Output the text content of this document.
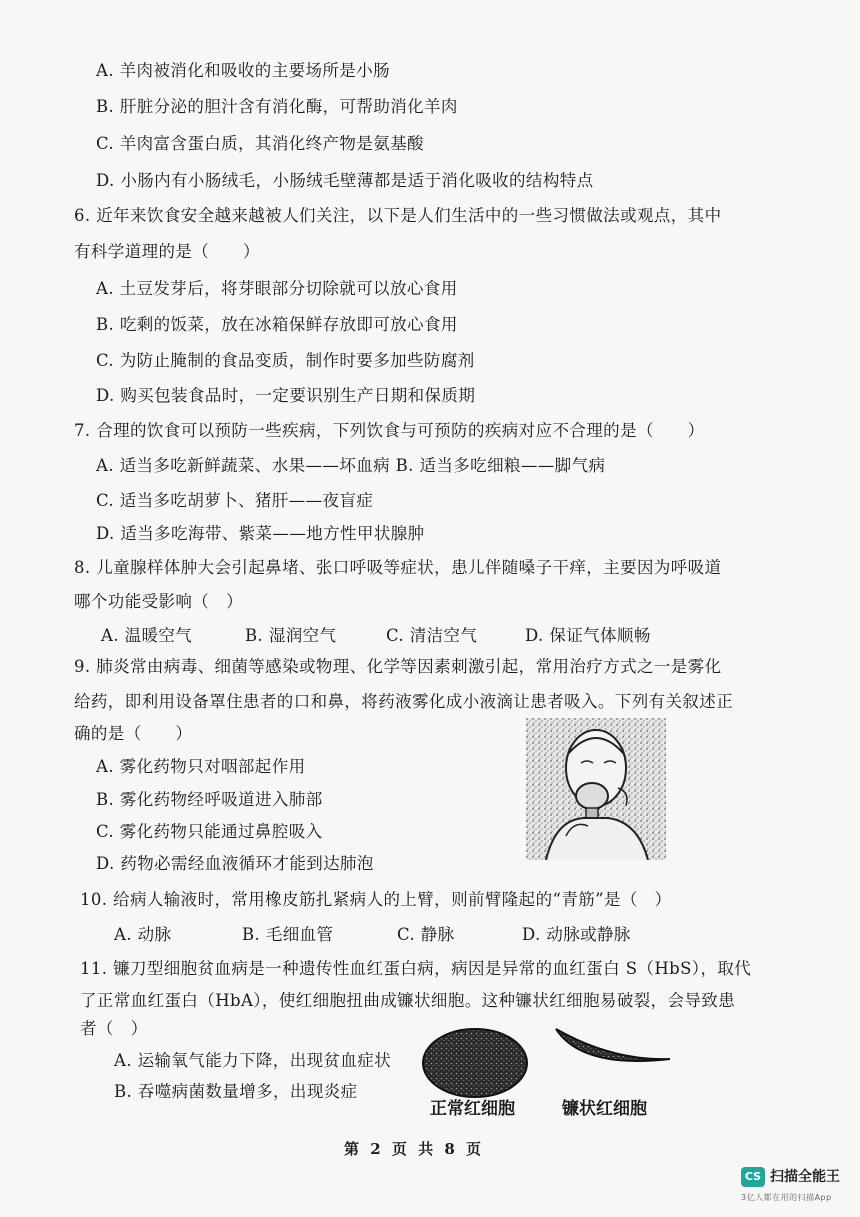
A. 羊肉被消化和吸收的主要场所是小肠
B. 肝脏分泌的胆汁含有消化酶，可帮助消化羊肉
C. 羊肉富含蛋白质，其消化终产物是氨基酸
D. 小肠内有小肠绒毛，小肠绒毛壁薄都是适于消化吸收的结构特点
6. 近年来饮食安全越来越被人们关注，以下是人们生活中的一些习惯做法或观点，其中
有科学道理的是（　　）
A. 土豆发芽后，将芽眼部分切除就可以放心食用
B. 吃剩的饭菜，放在冰箱保鲜存放即可放心食用
C. 为防止腌制的食品变质，制作时要多加些防腐剂
D. 购买包装食品时，一定要识别生产日期和保质期
7. 合理的饮食可以预防一些疾病，下列饮食与可预防的疾病对应不合理的是（　　）
A. 适当多吃新鲜蔬菜、水果——坏血病 B. 适当多吃细粮——脚气病
C. 适当多吃胡萝卜、猪肝——夜盲症
D. 适当多吃海带、紫菜——地方性甲状腺肿
8. 儿童腺样体肿大会引起鼻堵、张口呼吸等症状，患儿伴随嗓子干痒，主要因为呼吸道
哪个功能受影响（　）
A. 温暖空气	B. 湿润空气	C. 清洁空气	D. 保证气体顺畅
9. 肺炎常由病毒、细菌等感染或物理、化学等因素刺激引起，常用治疗方式之一是雾化
给药，即利用设备罩住患者的口和鼻，将药液雾化成小液滴让患者吸入。下列有关叙述正
确的是（　　）
A. 雾化药物只对咽部起作用
B. 雾化药物经呼吸道进入肺部
C. 雾化药物只能通过鼻腔吸入
D. 药物必需经血液循环才能到达肺泡
10. 给病人输液时，常用橡皮筋扎紧病人的上臂，则前臂隆起的“青筋”是（　）
A. 动脉	B. 毛细血管	C. 静脉	D. 动脉或静脉
11. 镰刀型细胞贫血病是一种遗传性血红蛋白病，病因是异常的血红蛋白 S（HbS），取代
了正常血红蛋白（HbA），使红细胞扭曲成镰状细胞。这种镰状红细胞易破裂，会导致患
者（　）
A. 运输氧气能力下降，出现贫血症状
B. 吞噬病菌数量增多，出现炎症
正常红细胞	镰状红细胞
第 2 页 共 8 页
CS 扫描全能王
3亿人都在用的扫描App
